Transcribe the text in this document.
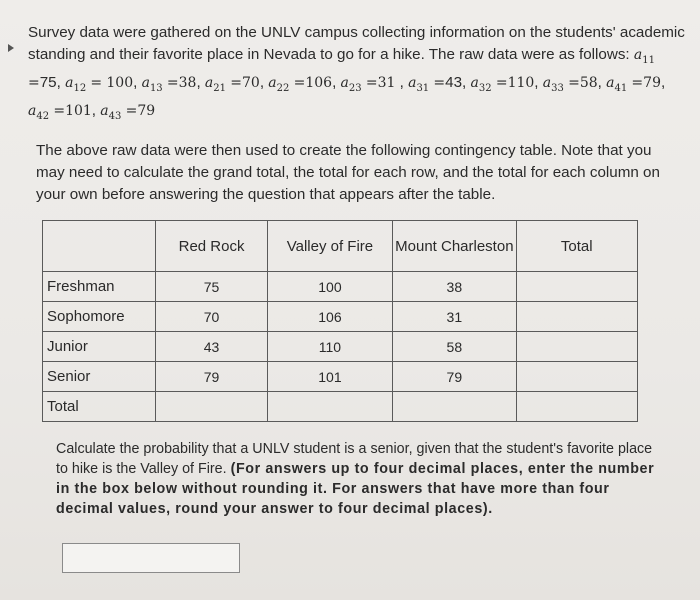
Survey data were gathered on the UNLV campus collecting information on the students' academic standing and their favorite place in Nevada to go for a hike. The raw data were as follows: $a_{11} =75$, $a_{12} = 100$, $a_{13} =38$, $a_{21} =70$, $a_{22} =106$, $a_{23} =31$ , $a_{31} =43$, $a_{32} =110$, $a_{33} =58$, $a_{41} =79$, $a_{42} =101$, $a_{43} =79$
The above raw data were then used to create the following contingency table. Note that you may need to calculate the grand total, the total for each row, and the total for each column on your own before answering the question that appears after the table.
	Red Rock	Valley of Fire	Mount Charleston	Total
Freshman	75	100	38	
Sophomore	70	106	31	
Junior	43	110	58	
Senior	79	101	79	
Total				
Calculate the probability that a UNLV student is a senior, given that the student's favorite place to hike is the Valley of Fire. (For answers up to four decimal places, enter the number in the box below without rounding it. For answers that have more than four decimal values, round your answer to four decimal places).
